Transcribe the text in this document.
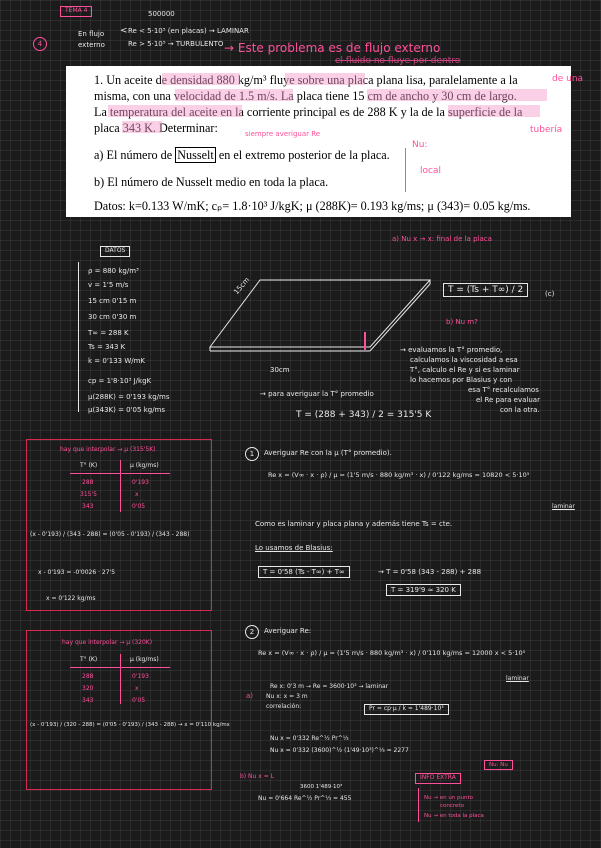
TEMA 4	500000
4
En flujo
externo
< Re < 5·10⁵ (en placas) → LAMINAR
Re > 5·10⁵ → TURBULENTO → Este problema es de flujo externo
el fluido no fluye por dentro
1. Un aceite de densidad 880 kg/m³ fluye sobre una placa plana lisa, paralelamente a la
misma, con una velocidad de 1.5 m/s. La placa tiene 15 cm de ancho y 30 cm de largo.
La temperatura del aceite en la corriente principal es de 288 K y la de la superficie de la
placa 343 K. Determinar:
a) El número de Nusselt en el extremo posterior de la placa.
b) El número de Nusselt medio en toda la placa.
Datos: k=0.133 W/mK; cₚ= 1.8·10³ J/kgK; μ (288K)= 0.193 kg/ms; μ (343)= 0.05 kg/ms.
de una
tubería
siempre averiguar Re
Nu:
local
DATOS
ρ = 880 kg/m³
v = 1'5 m/s
15 cm 0'15 m
30 cm 0'30 m
T∞ = 288 K
Ts = 343 K
k = 0'133 W/mK
cp = 1'8·10³ J/kgK
μ(288K) = 0'193 kg/ms
μ(343K) = 0'05 kg/ms
15cm
30cm
a) Nu x → x: final de la placa
b) Nu m?
T = (Ts + T∞) / 2	(c)
→ para averiguar la T° promedio
T = (288 + 343) / 2 = 315'5 K
→ evaluamos la T° promedio,
calculamos la viscosidad a esa
T°, calculo el Re y si es laminar
lo hacemos por Blasius y con
esa T° recalculamos
el Re para evaluar
con la otra.
hay que interpolar → μ (315'5K)
T° (K)	μ (kg/ms)
288	0'193
315'5	x
343	0'05
(x - 0'193) / (343 - 288) = (0'05 - 0'193) / (343 - 288)
x - 0'193 = -0'0026 · 27'5
x = 0'122 kg/ms
1	Averiguar Re con la μ (T° promedio).
Re x = (V∞ · x · ρ) / μ = (1'5 m/s · 880 kg/m³ · x) / 0'122 kg/ms = 10820 < 5·10⁵
laminar
Como es laminar y placa plana y además tiene Ts = cte.
Lo usamos de Blasius:
T = 0'58 (Ts - T∞) + T∞	→ T = 0'58 (343 - 288) + 288
T = 319'9 ≈ 320 K
hay que interpolar → μ (320K)
T° (K)	μ (kg/ms)
288	0'193
320	x
343	0'05
(x - 0'193) / (320 - 288) = (0'05 - 0'193) / (343 - 288) → x = 0'110 kg/ms
2	Averiguar Re:
Re x = (V∞ · x · ρ) / μ = (1'5 m/s · 880 kg/m³ · x) / 0'110 kg/ms = 12000 x < 5·10⁵
laminar
Re x: 0'3 m → Re = 3600·10³ → laminar
a) Nu x: x = 3 m
correlación:	Pr = cp·μ / k = 1'489·10³
Nu x = 0'332 Re^½ Pr^⅓
Nu x = 0'332 (3600)^½ (1'49·10³)^⅓ = 2277
b) Nu x = L
3600 1'489·10³
Nu = 0'664 Re^½ Pr^⅓ = 455
INFO EXTRA
Nu: Nu
Nu → en un punto
concreto
Nu → en toda la placa
